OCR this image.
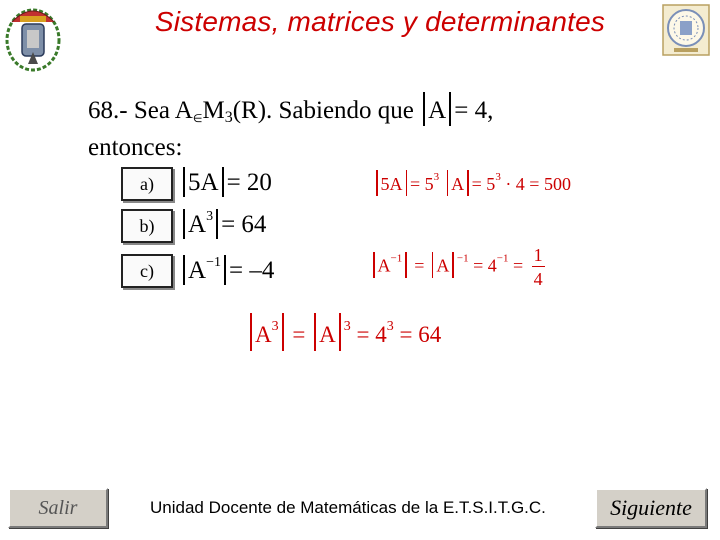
Sistemas, matrices y determinantes
68.- Sea A∈M3(R). Sabiendo que A = 4,
entonces:
a)	5A = 20	$5A = 5^3$ $A = 5^3 \cdot 4 = 500$
b)	$A^3 = 64$
c)	$A^{-1} = -4$	$A^{-1} = A$ $^{-1} = 4^{-1} = \frac{1}{4}$
$A^3 = A$ $^3 = 4^3 = 64$
Salir	Unidad Docente de Matemáticas de la E.T.S.I.T.G.C.	Siguiente
